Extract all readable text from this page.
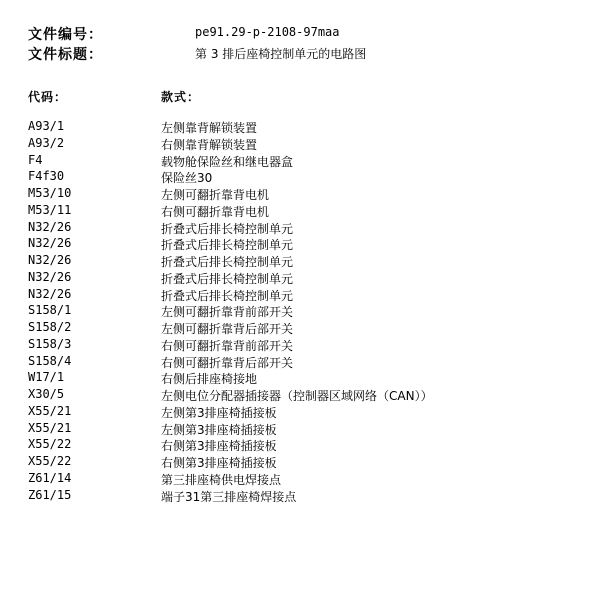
文件编号：	pe91.29-p-2108-97maa
文件标题：	第 3 排后座椅控制单元的电路图
代码：	款式：
A93/1	左侧靠背解锁装置
A93/2	右侧靠背解锁装置
F4	载物舱保险丝和继电器盒
F4f30	保险丝30
M53/10	左侧可翻折靠背电机
M53/11	右侧可翻折靠背电机
N32/26	折叠式后排长椅控制单元
N32/26	折叠式后排长椅控制单元
N32/26	折叠式后排长椅控制单元
N32/26	折叠式后排长椅控制单元
N32/26	折叠式后排长椅控制单元
S158/1	左侧可翻折靠背前部开关
S158/2	左侧可翻折靠背后部开关
S158/3	右侧可翻折靠背前部开关
S158/4	右侧可翻折靠背后部开关
W17/1	右侧后排座椅接地
X30/5	左侧电位分配器插接器（控制器区域网络（CAN））
X55/21	左侧第3排座椅插接板
X55/21	左侧第3排座椅插接板
X55/22	右侧第3排座椅插接板
X55/22	右侧第3排座椅插接板
Z61/14	第三排座椅供电焊接点
Z61/15	端子31第三排座椅焊接点
